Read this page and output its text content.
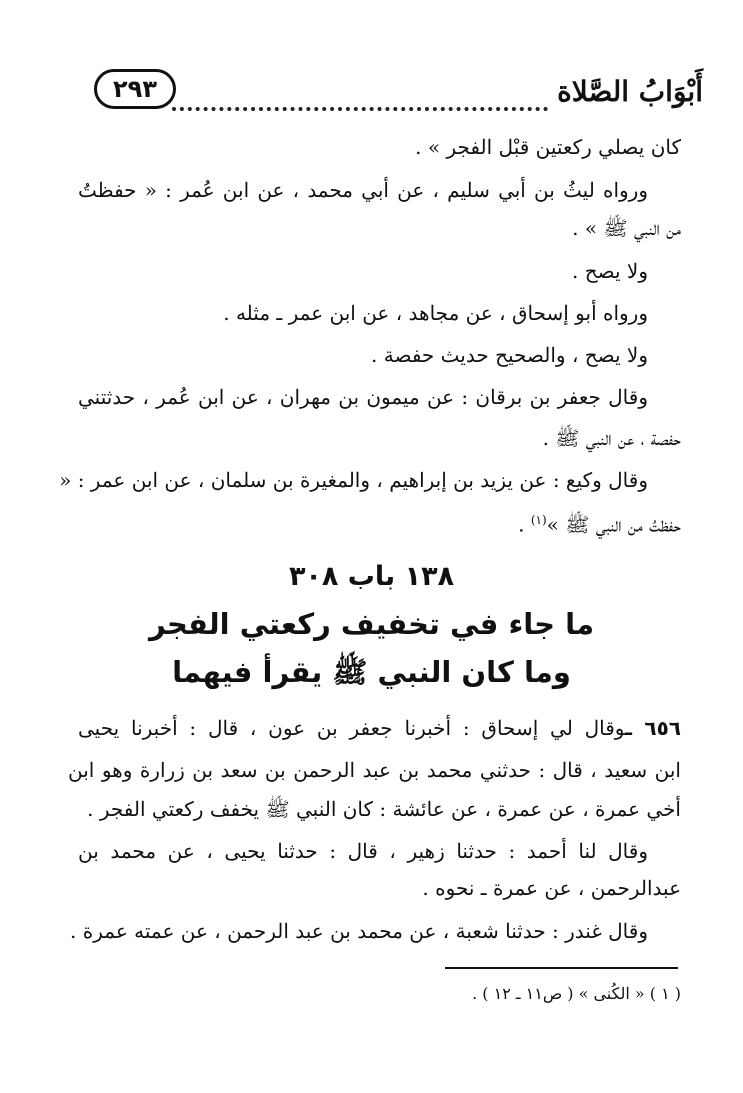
أَبْوَابُ الصَّلاة
٢٩٣
كان يصلي ركعتين قبْل الفجر » .
ورواه ليثُ بن أبي سليم ، عن أبي محمد ، عن ابن عُمر : « حفظتُ
من النبي ﷺ » .
ولا يصح .
ورواه أبو إسحاق ، عن مجاهد ، عن ابن عمر ـ مثله .
ولا يصح ، والصحيح حديث حفصة .
وقال جعفر بن برقان : عن ميمون بن مهران ، عن ابن عُمر ، حدثتني
حفصة ، عن النبي ﷺ .
وقال وكيع : عن يزيد بن إبراهيم ، والمغيرة بن سلمان ، عن ابن عمر : «
حفظتُ من النبي ﷺ »$^{(١)}$ .
١٣٨ باب ٣٠٨
ما جاء في تخفيف ركعتي الفجر
وما كان النبي ﷺ يقرأ فيهما
٦٥٦ ـوقال لي إسحاق : أخبرنا جعفر بن عون ، قال : أخبرنا يحيى
ابن سعيد ، قال : حدثني محمد بن عبد الرحمن بن سعد بن زرارة وهو ابن
أخي عمرة ، عن عمرة ، عن عائشة : كان النبي ﷺ يخفف ركعتي الفجر .
وقال لنا أحمد : حدثنا زهير ، قال : حدثنا يحيى ، عن محمد بن
عبدالرحمن ، عن عمرة ـ نحوه .
وقال غندر : حدثنا شعبة ، عن محمد بن عبد الرحمن ، عن عمته عمرة .
( ١ ) « الكُنى » ( ص١١ ـ ١٢ ) .
